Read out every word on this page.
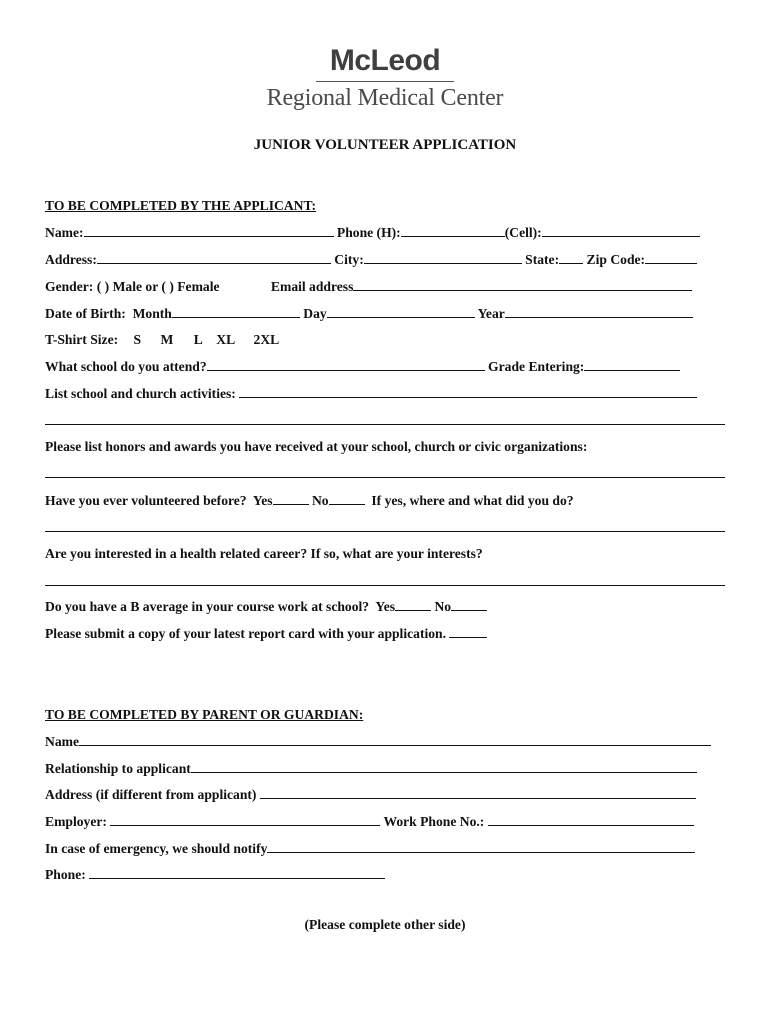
McLeod
Regional Medical Center
JUNIOR VOLUNTEER APPLICATION
TO BE COMPLETED BY THE APPLICANT:
Name:	Phone (H):	(Cell):
Address:	City:	State: Zip Code:
Gender: ( ) Male or ( ) Female	Email address
Date of Birth: Month	Day	Year
T-Shirt Size: S M L XL 2XL
What school do you attend?	Grade Entering:
List school and church activities:
Please list honors and awards you have received at your school, church or civic organizations:
Have you ever volunteered before? Yes	No	If yes, where and what did you do?
Are you interested in a health related career? If so, what are your interests?
Do you have a B average in your course work at school? Yes	No
Please submit a copy of your latest report card with your application.
TO BE COMPLETED BY PARENT OR GUARDIAN:
Name
Relationship to applicant
Address (if different from applicant)
Employer:	Work Phone No.:
In case of emergency, we should notify
Phone:
(Please complete other side)
